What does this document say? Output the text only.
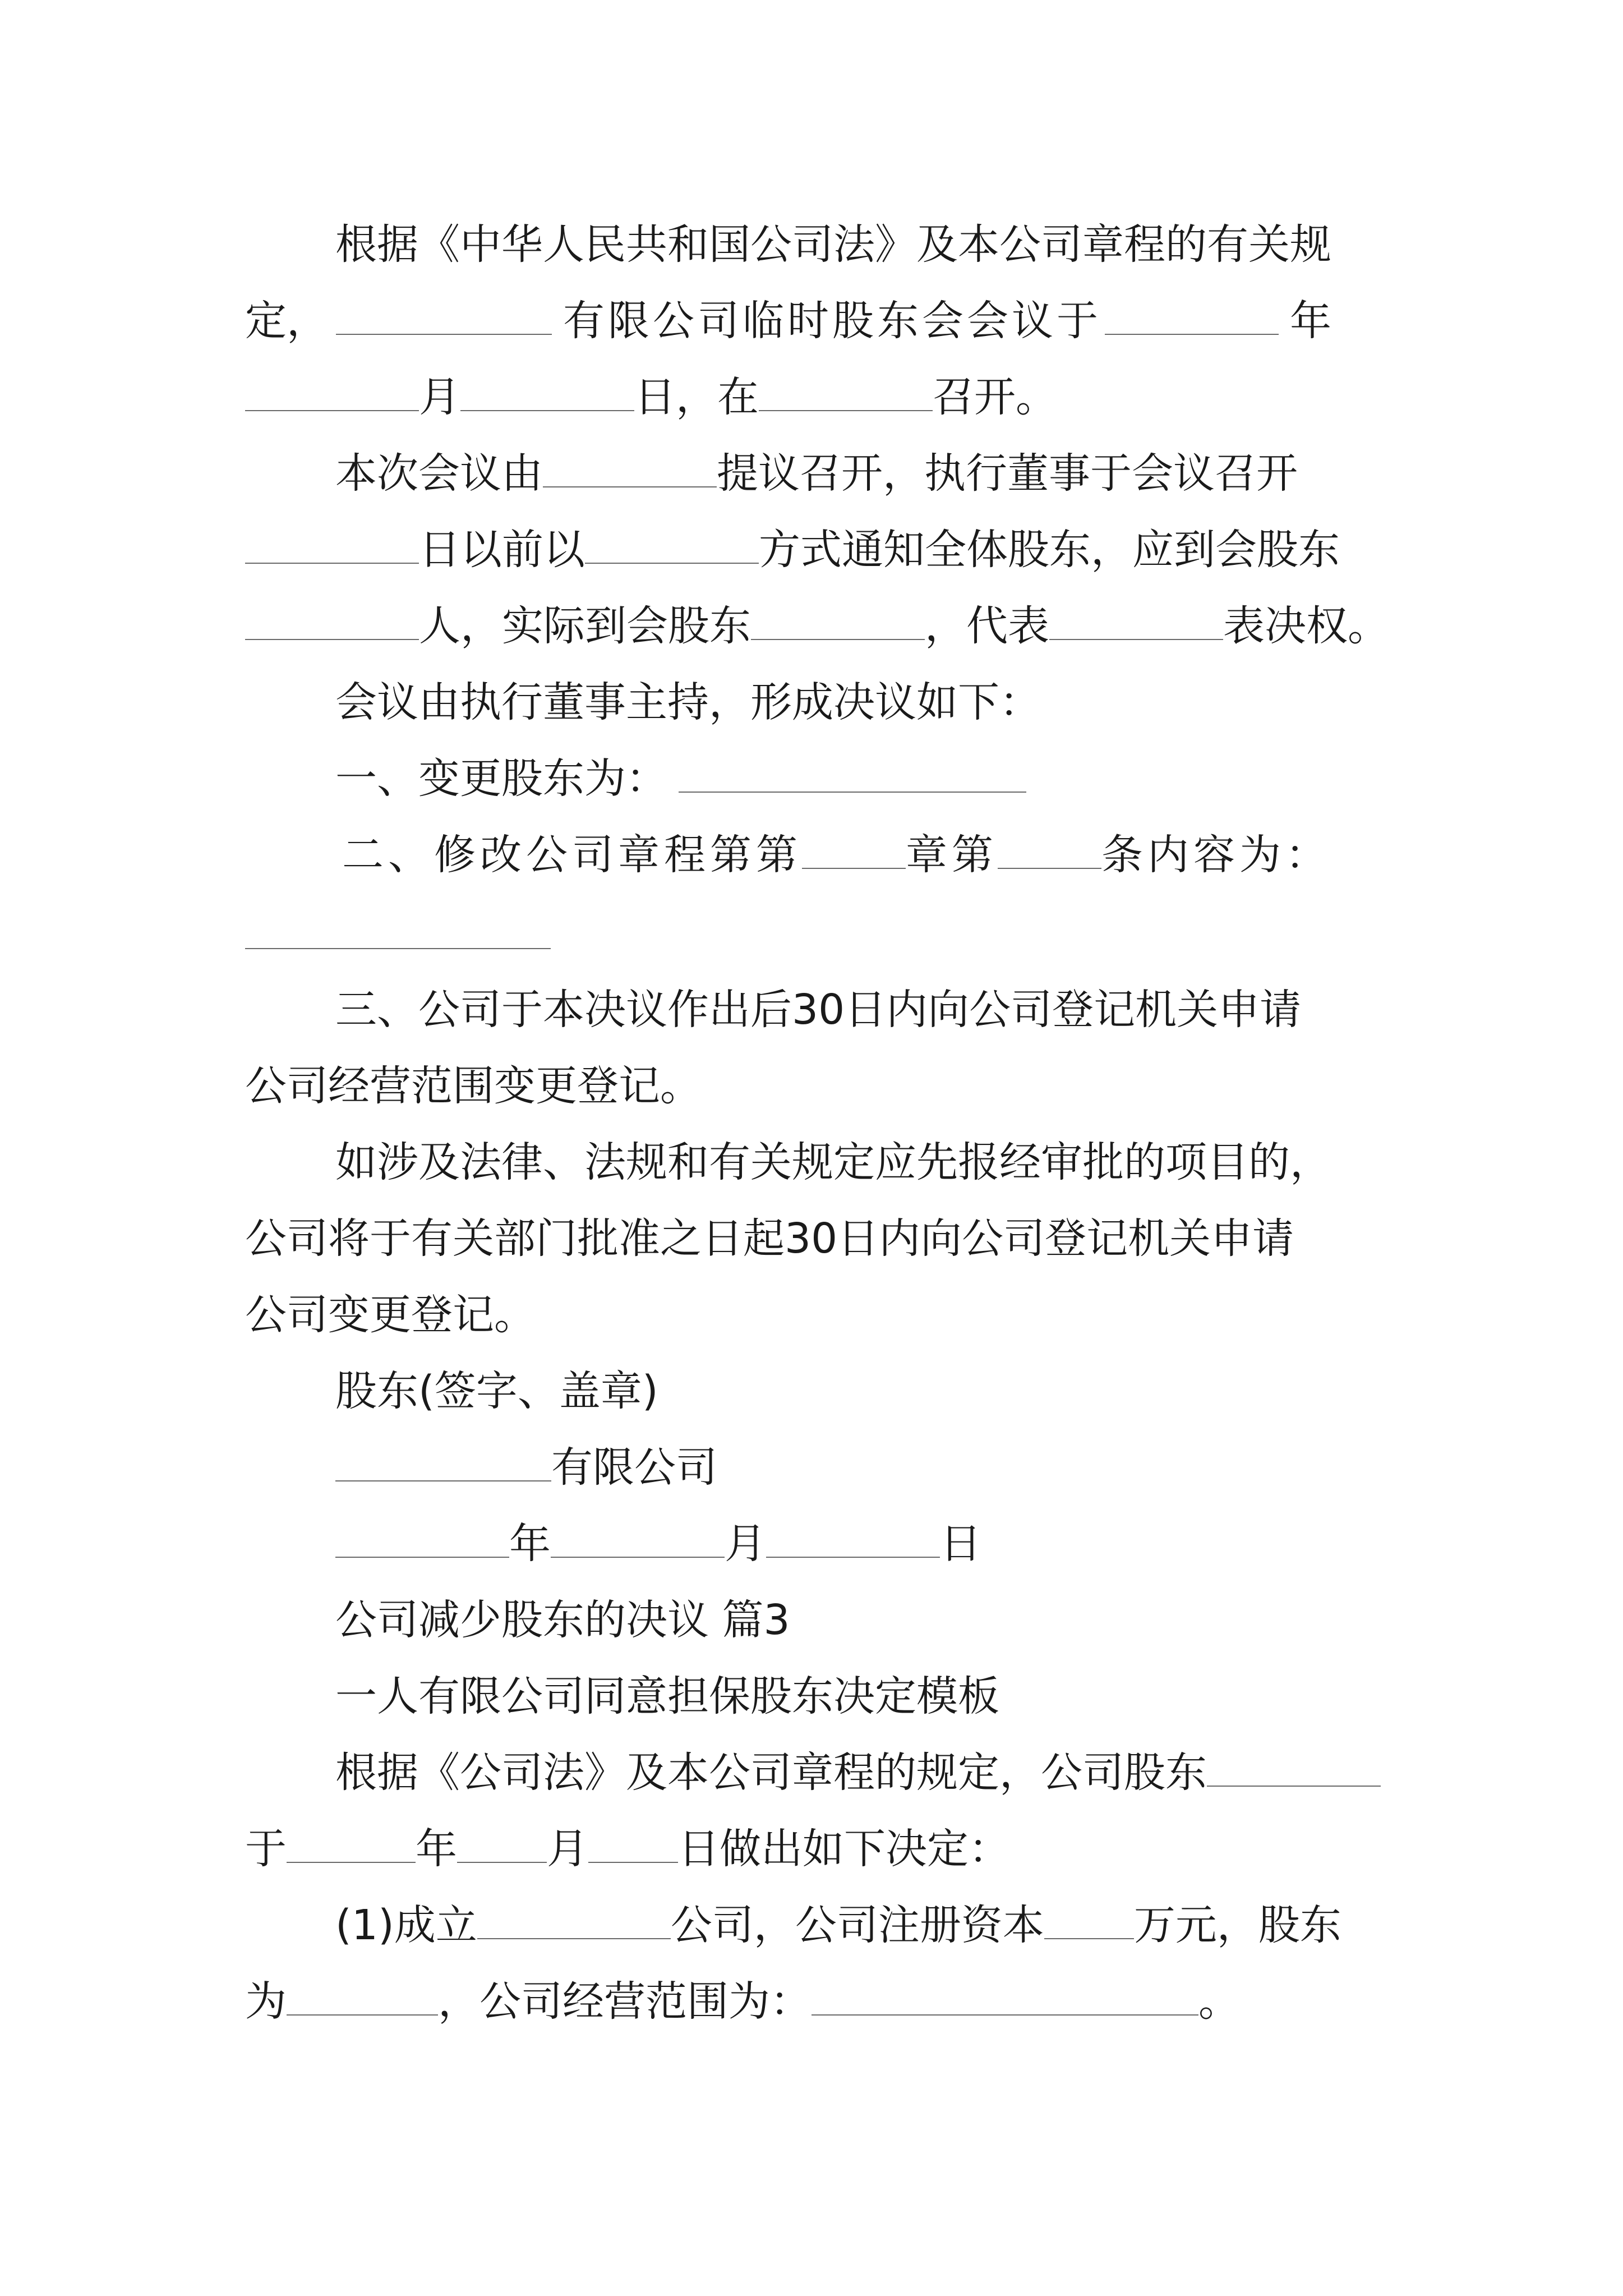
根据《中华人民共和国公司法》及本公司章程的有关规
定，	有限公司临时股东会会议于	年
月	日，在	召开。
本次会议由	提议召开，执行董事于会议召开
日以前以	方式通知全体股东，应到会股东
人，实际到会股东	，代表	表决权。
会议由执行董事主持，形成决议如下：
一、变更股东为：
二、修改公司章程第第	章第	条内容为：
三、公司于本决议作出后30日内向公司登记机关申请
公司经营范围变更登记。
如涉及法律、法规和有关规定应先报经审批的项目的，
公司将于有关部门批准之日起30日内向公司登记机关申请
公司变更登记。
股东(签字、盖章)
有限公司
年	月	日
公司减少股东的决议 篇3
一人有限公司同意担保股东决定模板
根据《公司法》及本公司章程的规定，公司股东
于	年 月 日做出如下决定：
(1)成立	公司，公司注册资本 万元，股东
为	，公司经营范围为：	。
